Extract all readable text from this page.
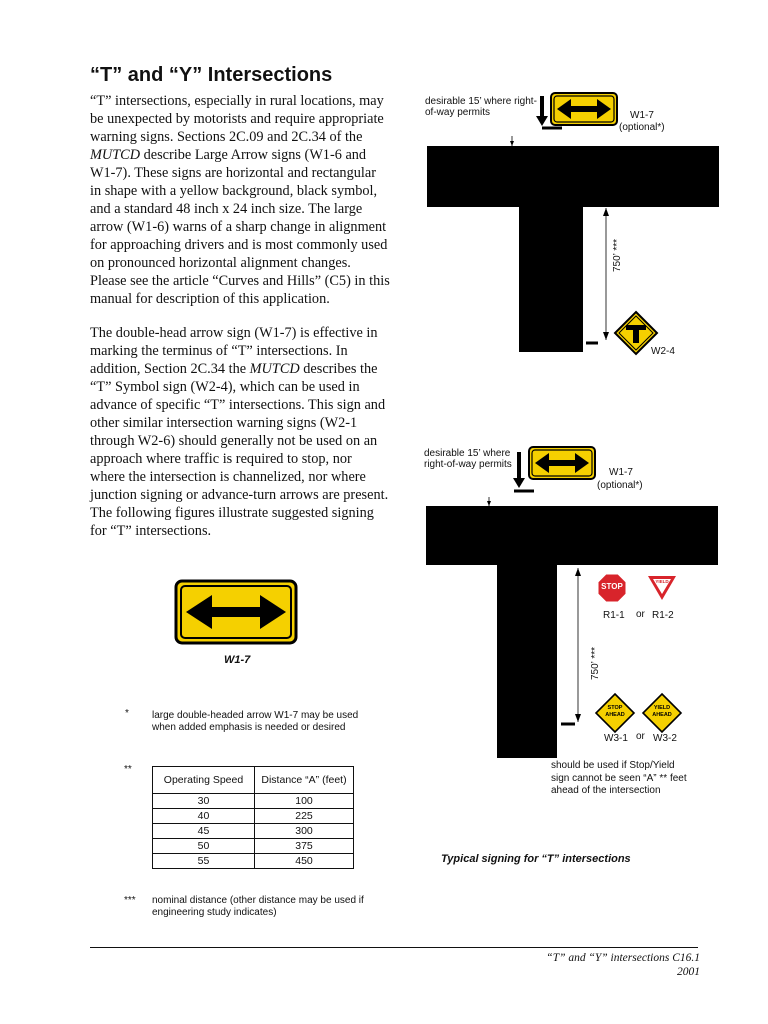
“T” and “Y” Intersections

“T” intersections, especially in rural locations, may be unexpected by motorists and require appropriate warning signs. Sections 2C.09 and 2C.34 of the MUTCD describe Large Arrow signs (W1-6 and W1-7). These signs are horizontal and rectangular in shape with a yellow background, black symbol, and a standard 48 inch x 24 inch size. The large arrow (W1-6) warns of a sharp change in alignment for approaching drivers and is most commonly used on pronounced horizontal alignment changes. Please see the article “Curves and Hills” (C5) in this manual for description of this application.

The double-head arrow sign (W1-7) is effective in marking the terminus of “T” intersections. In addition, Section 2C.34 the MUTCD describes the “T” Symbol sign (W2-4), which can be used in advance of specific “T” intersections. This sign and other similar intersection warning signs (W2-1 through W2-6) should generally not be used on an approach where traffic is required to stop, nor where the intersection is channelized, nor where junction signing or advance-turn arrows are present. The following figures illustrate suggested signing for “T” intersections.

STOP
YIELD
STOP AHEAD
YIELD AHEAD
W1-7
* large double-headed arrow W1-7 may be used when added emphasis is needed or desired
**
*** nominal distance (other distance may be used if engineering study indicates)
Operating Speed	Distance “A” (feet)
30	100
40	225
45	300
50	375
55	450
desirable 15’ where right-of-way permits	W1-7
(optional*)
750’ ***
W2-4
desirable 15’ where right-of-way permits
W1-7
(optional*)
750’ ***
R1-1 or R1-2
W3-1 or W3-2
should be used if Stop/Yield sign cannot be seen “A” ** feet ahead of the intersection
Typical signing for “T” intersections
“T” and “Y” intersections C16.1
2001
